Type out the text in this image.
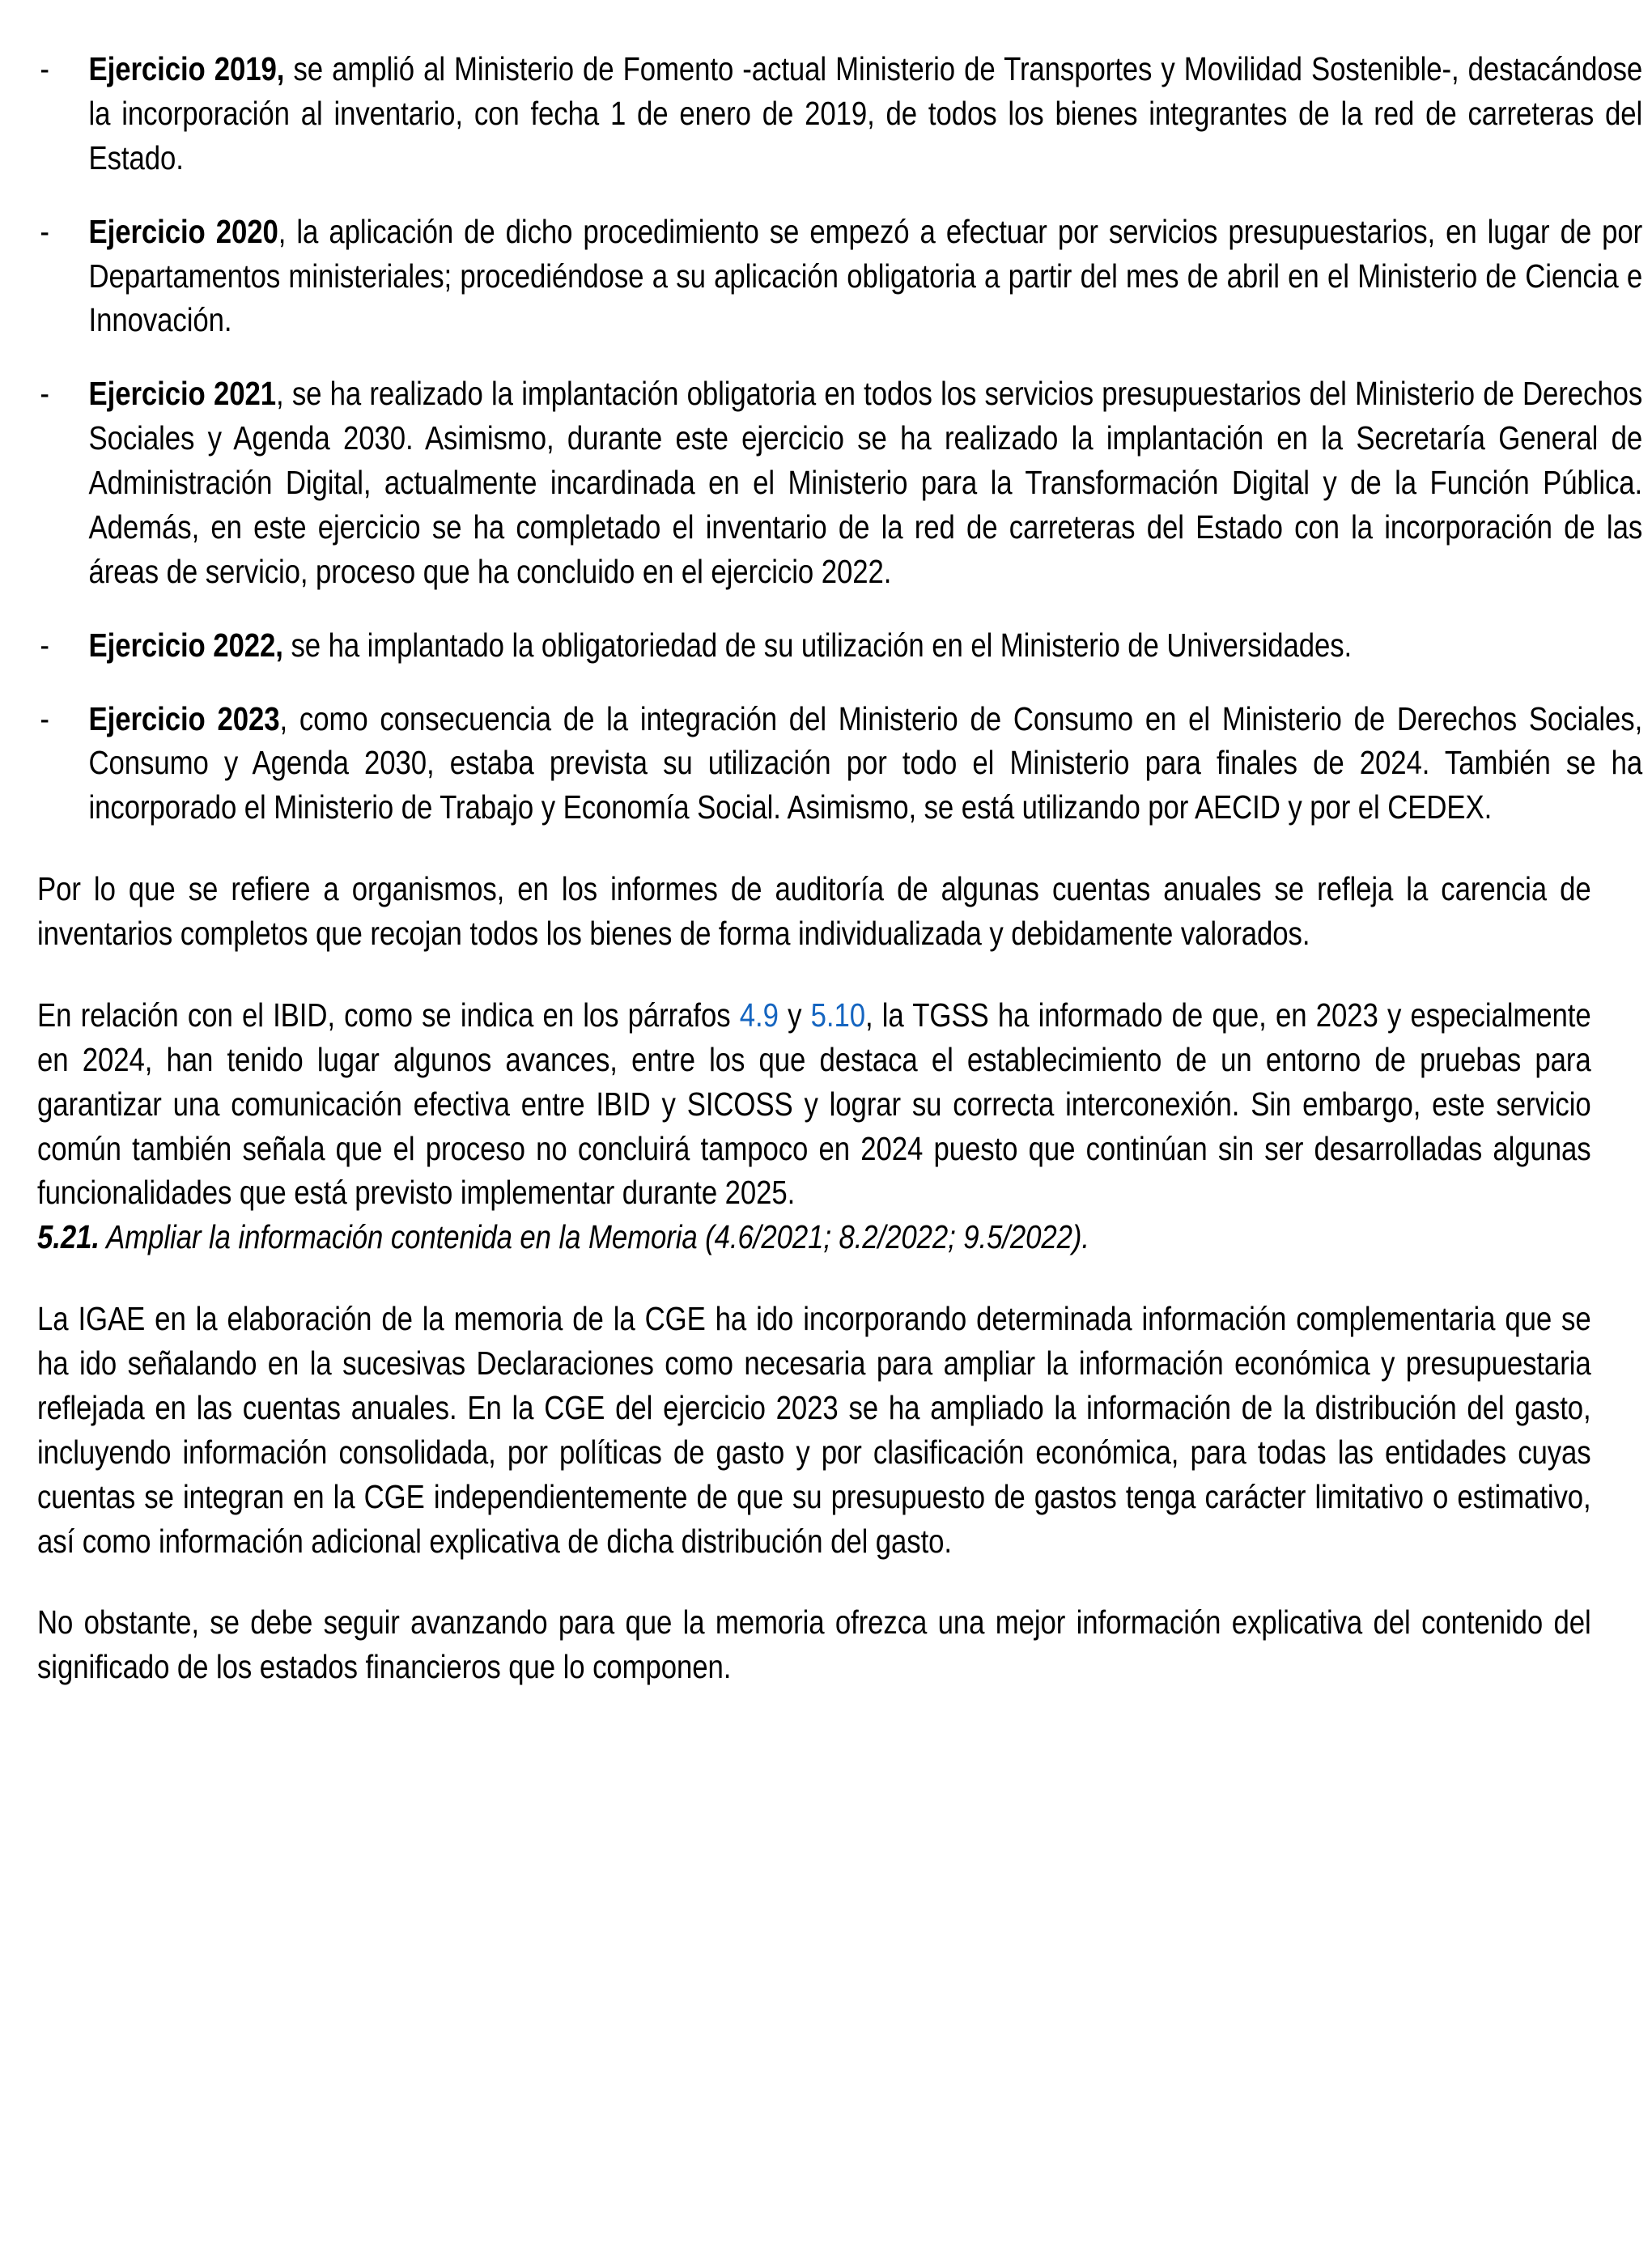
-	Ejercicio 2019, se amplió al Ministerio de Fomento -actual Ministerio de Transportes y Movilidad Sostenible-, destacándose la incorporación al inventario, con fecha 1 de enero de 2019, de todos los bienes integrantes de la red de carreteras del Estado.

-	Ejercicio 2020, la aplicación de dicho procedimiento se empezó a efectuar por servicios presupuestarios, en lugar de por Departamentos ministeriales; procediéndose a su aplicación obligatoria a partir del mes de abril en el Ministerio de Ciencia e Innovación.

-	Ejercicio 2021, se ha realizado la implantación obligatoria en todos los servicios presupuestarios del Ministerio de Derechos Sociales y Agenda 2030. Asimismo, durante este ejercicio se ha realizado la implantación en la Secretaría General de Administración Digital, actualmente incardinada en el Ministerio para la Transformación Digital y de la Función Pública. Además, en este ejercicio se ha completado el inventario de la red de carreteras del Estado con la incorporación de las áreas de servicio, proceso que ha concluido en el ejercicio 2022.

-	Ejercicio 2022, se ha implantado la obligatoriedad de su utilización en el Ministerio de Universidades.

-	Ejercicio 2023, como consecuencia de la integración del Ministerio de Consumo en el Ministerio de Derechos Sociales, Consumo y Agenda 2030, estaba prevista su utilización por todo el Ministerio para finales de 2024. También se ha incorporado el Ministerio de Trabajo y Economía Social. Asimismo, se está utilizando por AECID y por el CEDEX.

Por lo que se refiere a organismos, en los informes de auditoría de algunas cuentas anuales se refleja la carencia de inventarios completos que recojan todos los bienes de forma individualizada y debidamente valorados.

En relación con el IBID, como se indica en los párrafos 4.9 y 5.10, la TGSS ha informado de que, en 2023 y especialmente en 2024, han tenido lugar algunos avances, entre los que destaca el establecimiento de un entorno de pruebas para garantizar una comunicación efectiva entre IBID y SICOSS y lograr su correcta interconexión. Sin embargo, este servicio común también señala que el proceso no concluirá tampoco en 2024 puesto que continúan sin ser desarrolladas algunas funcionalidades que está previsto implementar durante 2025.

5.21. Ampliar la información contenida en la Memoria (4.6/2021; 8.2/2022; 9.5/2022).

La IGAE en la elaboración de la memoria de la CGE ha ido incorporando determinada información complementaria que se ha ido señalando en la sucesivas Declaraciones como necesaria para ampliar la información económica y presupuestaria reflejada en las cuentas anuales. En la CGE del ejercicio 2023 se ha ampliado la información de la distribución del gasto, incluyendo información consolidada, por políticas de gasto y por clasificación económica, para todas las entidades cuyas cuentas se integran en la CGE independientemente de que su presupuesto de gastos tenga carácter limitativo o estimativo, así como información adicional explicativa de dicha distribución del gasto.

No obstante, se debe seguir avanzando para que la memoria ofrezca una mejor información explicativa del contenido del significado de los estados financieros que lo componen.
